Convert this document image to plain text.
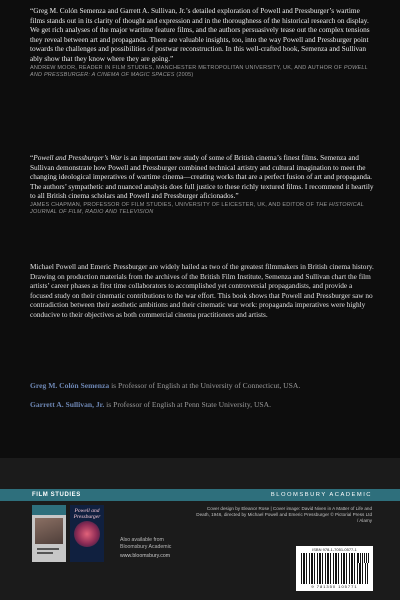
“Greg M. Colón Semenza and Garrett A. Sullivan, Jr.’s detailed exploration of Powell and Pressburger’s wartime films stands out in its clarity of thought and expression and in the thoroughness of the historical research on display. We get rich analyses of the major wartime feature films, and the authors persuasively tease out the complex tensions they reveal between art and propaganda. There are valuable insights, too, into the way Powell and Pressburger point towards the challenges and possibilities of postwar reconstruction. In this well-crafted book, Semenza and Sullivan ably show that they know where they are going.”

ANDREW MOOR, READER IN FILM STUDIES, MANCHESTER METROPOLITAN UNIVERSITY, UK, AND AUTHOR OF POWELL AND PRESSBURGER: A CINEMA OF MAGIC SPACES (2005)

“Powell and Pressburger’s War is an important new study of some of British cinema’s finest films. Semenza and Sullivan demonstrate how Powell and Pressburger combined technical artistry and cultural imagination to meet the changing ideological imperatives of wartime cinema—creating works that are a perfect fusion of art and propaganda. The authors’ sympathetic and nuanced analysis does full justice to these richly textured films. I recommend it heartily to all British cinema scholars and Powell and Pressburger aficionados.”

JAMES CHAPMAN, PROFESSOR OF FILM STUDIES, UNIVERSITY OF LEICESTER, UK, AND EDITOR OF THE HISTORICAL JOURNAL OF FILM, RADIO AND TELEVISION

Michael Powell and Emeric Pressburger are widely hailed as two of the greatest filmmakers in British cinema history. Drawing on production materials from the archives of the British Film Institute, Semenza and Sullivan chart the film artists’ career phases as first time collaborators to accomplished yet controversial propagandists, and provide a focused study on their cinematic contributions to the war effort. This book shows that Powell and Pressburger saw no contradiction between their aesthetic ambitions and their cinematic war work: propaganda imperatives were highly conducive to their objectives as both commercial cinema practitioners and artists.

Greg M. Colón Semenza is Professor of English at the University of Connecticut, USA.

Garrett A. Sullivan, Jr. is Professor of English at Penn State University, USA.

FILM STUDIES	BLOOMSBURY ACADEMIC
Powell and Pressburger
Also available from
Bloomsbury Academic
www.bloomsbury.com
Cover design by Eleanor Rose | Cover image: David Niven in A Matter of Life and Death, 1946, directed by Michael Powell and Emeric Pressburger © Pictorial Press Ltd / Alamy
ISBN 978-1-7051-0577-1
9 781350 105771
